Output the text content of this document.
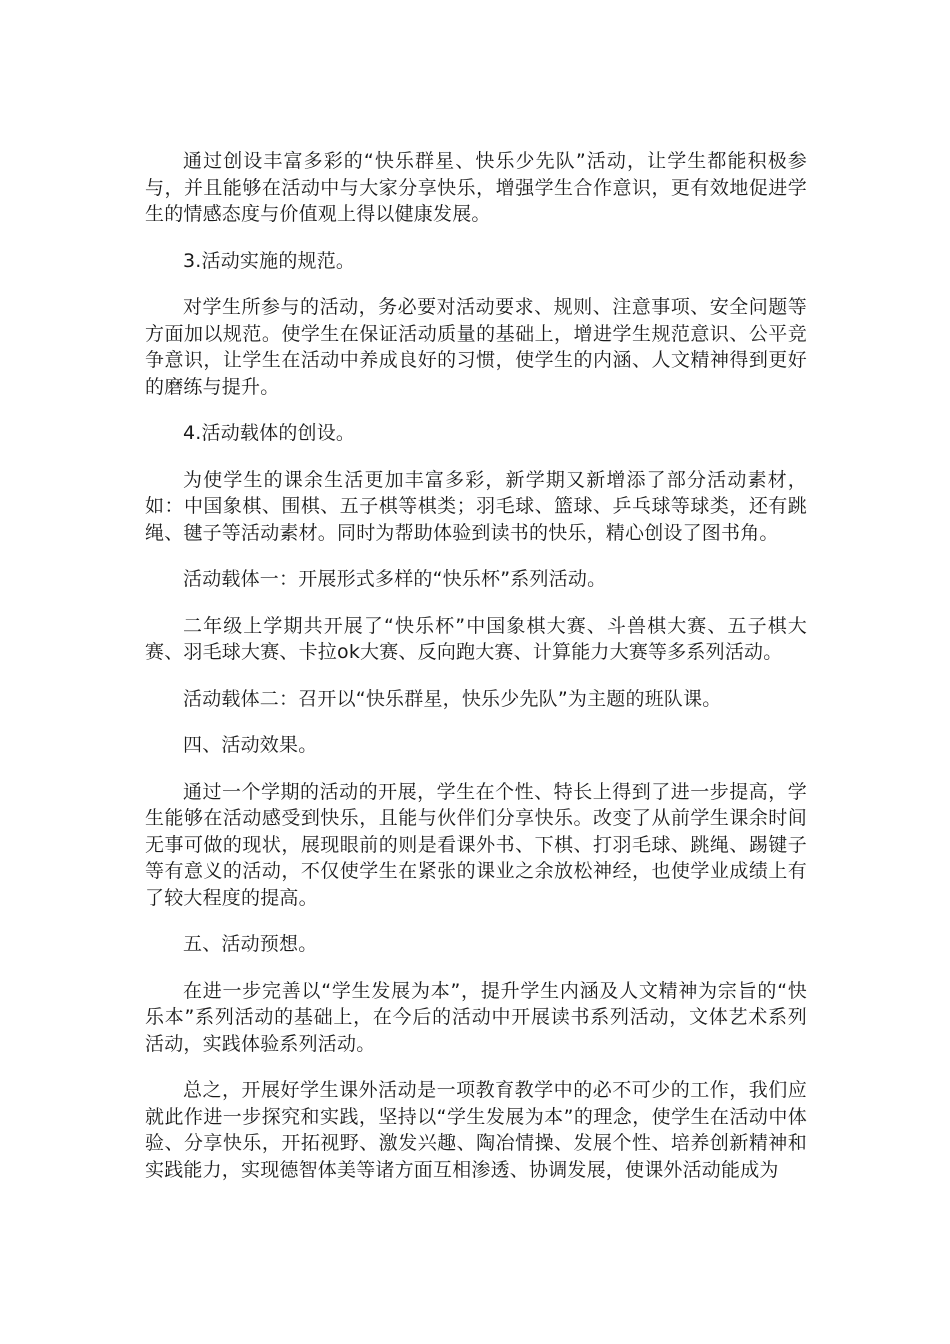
通过创设丰富多彩的“快乐群星、快乐少先队”活动，让学生都能积极参与，并且能够在活动中与大家分享快乐，增强学生合作意识，更有效地促进学生的情感态度与价值观上得以健康发展。

3.活动实施的规范。

对学生所参与的活动，务必要对活动要求、规则、注意事项、安全问题等方面加以规范。使学生在保证活动质量的基础上，增进学生规范意识、公平竞争意识，让学生在活动中养成良好的习惯，使学生的内涵、人文精神得到更好的磨练与提升。

4.活动载体的创设。

为使学生的课余生活更加丰富多彩，新学期又新增添了部分活动素材，如：中国象棋、围棋、五子棋等棋类；羽毛球、篮球、乒乓球等球类，还有跳绳、毽子等活动素材。同时为帮助体验到读书的快乐，精心创设了图书角。

活动载体一：开展形式多样的“快乐杯”系列活动。

二年级上学期共开展了“快乐杯”中国象棋大赛、斗兽棋大赛、五子棋大赛、羽毛球大赛、卡拉ok大赛、反向跑大赛、计算能力大赛等多系列活动。

活动载体二：召开以“快乐群星，快乐少先队”为主题的班队课。

四、活动效果。

通过一个学期的活动的开展，学生在个性、特长上得到了进一步提高，学生能够在活动感受到快乐，且能与伙伴们分享快乐。改变了从前学生课余时间无事可做的现状，展现眼前的则是看课外书、下棋、打羽毛球、跳绳、踢键子等有意义的活动，不仅使学生在紧张的课业之余放松神经，也使学业成绩上有了较大程度的提高。

五、活动预想。

在进一步完善以“学生发展为本”，提升学生内涵及人文精神为宗旨的“快乐本”系列活动的基础上，在今后的活动中开展读书系列活动，文体艺术系列活动，实践体验系列活动。

总之，开展好学生课外活动是一项教育教学中的必不可少的工作，我们应就此作进一步探究和实践，坚持以“学生发展为本”的理念，使学生在活动中体验、分享快乐，开拓视野、激发兴趣、陶冶情操、发展个性、培养创新精神和实践能力，实现德智体美等诸方面互相渗透、协调发展，使课外活动能成为
